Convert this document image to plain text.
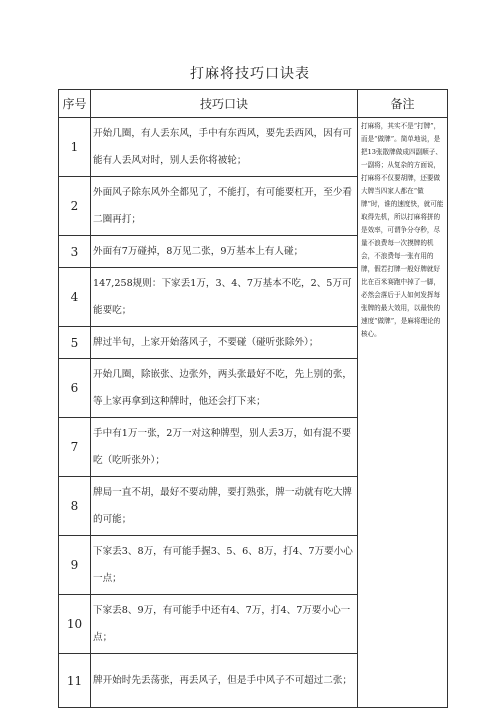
打麻将技巧口诀表
序号	技巧口诀	备注
1	开始几圈，有人丢东风，手中有东西风，要先丢西风，因有可能有人丢风对时，别人丢你将被轮；	打麻将，其实不是“打牌”，而是“做牌”。简单地说，是把13张散牌做成四副顺子、一副将；从复杂的方面说，打麻将不仅要胡牌，还要做大牌当四家人都在“做牌”时，谁的速度快，就可能取得先机，所以打麻将拼的是效率，可谓争分夺秒，尽量不浪费每一次摸牌的机会，不浪费每一张有用的牌，假若打牌一般好牌就好比在百米赛跑中掉了一脚，必然会落后于人如何发挥每张牌的最大效用，以最快的速度“做牌”，是麻将理论的核心。
2	外面风子除东风外全都见了，不能打，有可能要杠开，至少看二圈再打；	

3	外面有7万碰掉，8万见二张，9万基本上有人碰；	

4	147,258规则：下家丢1万，3、4、7万基本不吃，2、5万可能要吃；	

5	牌过半旬，上家开始落风子，不要碰（碰听张除外）；	

6	开始几圈，除嵌张、边张外，两头张最好不吃，先上别的张，等上家再拿到这种牌时，他还会打下来；	

7	手中有1万一张，2万一对这种牌型，别人丢3万，如有混不要吃（吃听张外）；	

8	牌局一直不胡，最好不要动牌，要打熟张，牌一动就有吃大牌的可能；	

9	下家丢3、8万，有可能手握3、5、6、8万，打4、7万要小心一点；	

10	下家丢8、9万，有可能手中还有4、7万，打4、7万要小心一点；	

11	牌开始时先丢荡张，再丢风子，但是手中风子不可超过二张；	
